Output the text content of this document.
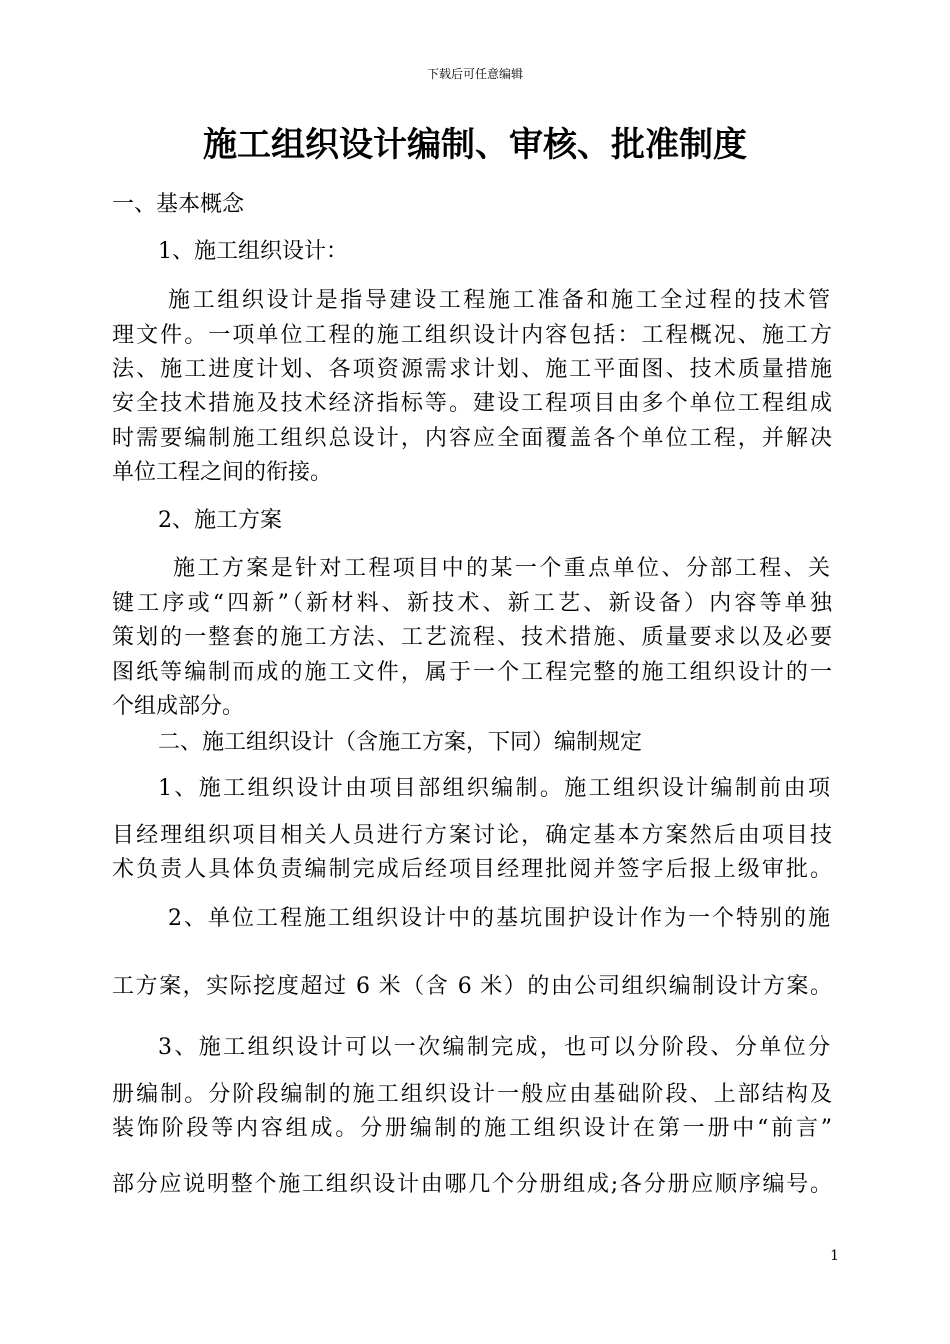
下载后可任意编辑
施工组织设计编制、审核、批准制度
一、基本概念
1、施工组织设计：
施工组织设计是指导建设工程施工准备和施工全过程的技术管
理文件。一项单位工程的施工组织设计内容包括：工程概况、施工方
法、施工进度计划、各项资源需求计划、施工平面图、技术质量措施
安全技术措施及技术经济指标等。建设工程项目由多个单位工程组成
时需要编制施工组织总设计，内容应全面覆盖各个单位工程，并解决
单位工程之间的衔接。
2、施工方案
施工方案是针对工程项目中的某一个重点单位、分部工程、关
键工序或“四新”（新材料、新技术、新工艺、新设备）内容等单独
策划的一整套的施工方法、工艺流程、技术措施、质量要求以及必要
图纸等编制而成的施工文件，属于一个工程完整的施工组织设计的一
个组成部分。
二、施工组织设计（含施工方案，下同）编制规定
1、施工组织设计由项目部组织编制。施工组织设计编制前由项
目经理组织项目相关人员进行方案讨论，确定基本方案然后由项目技
术负责人具体负责编制完成后经项目经理批阅并签字后报上级审批。
2、单位工程施工组织设计中的基坑围护设计作为一个特别的施
工方案，实际挖度超过 6 米（含 6 米）的由公司组织编制设计方案。
3、施工组织设计可以一次编制完成，也可以分阶段、分单位分
册编制。分阶段编制的施工组织设计一般应由基础阶段、上部结构及
装饰阶段等内容组成。分册编制的施工组织设计在第一册中“前言”
部分应说明整个施工组织设计由哪几个分册组成;各分册应顺序编号。
1
